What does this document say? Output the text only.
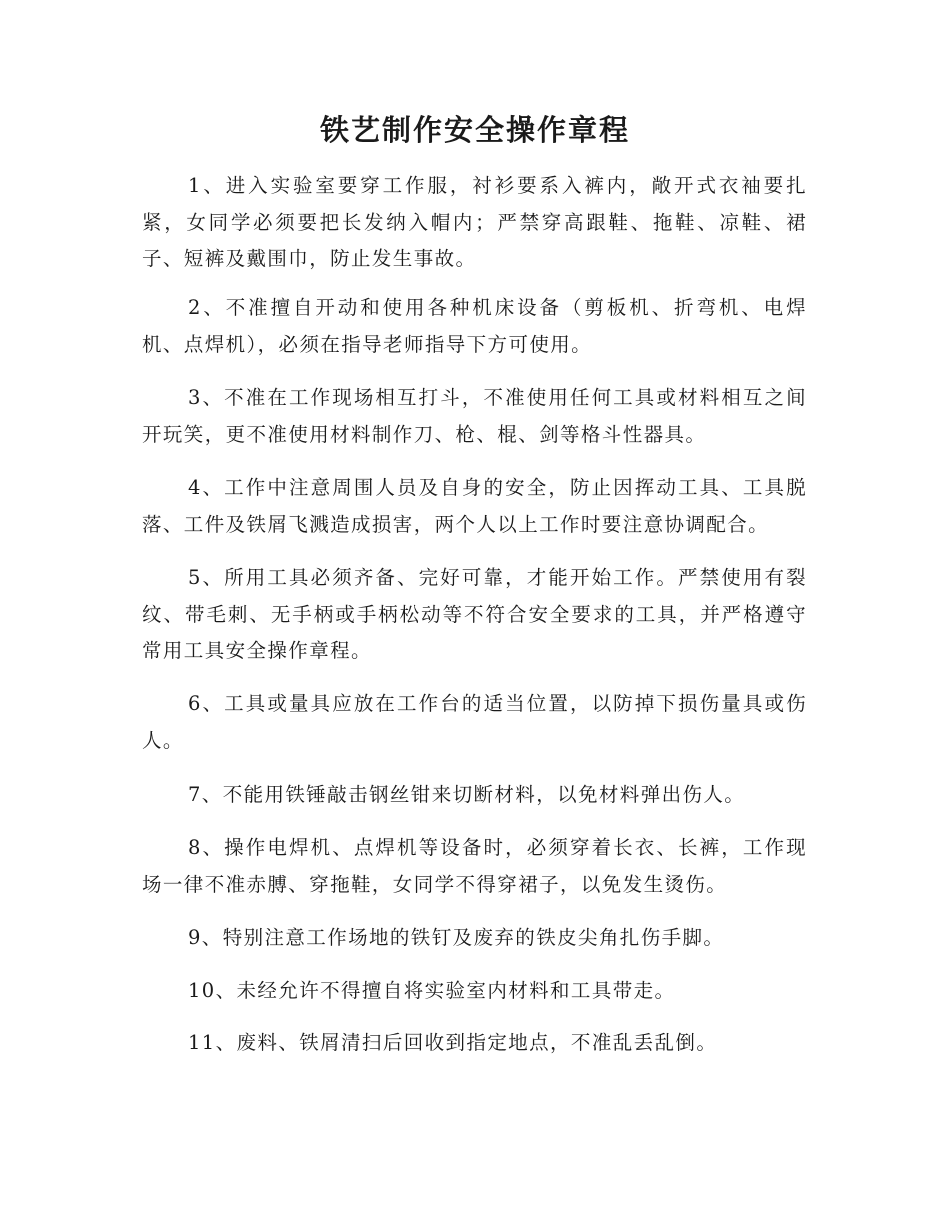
铁艺制作安全操作章程

1、进入实验室要穿工作服，衬衫要系入裤内，敞开式衣袖要扎紧，女同学必须要把长发纳入帽内；严禁穿高跟鞋、拖鞋、凉鞋、裙子、短裤及戴围巾，防止发生事故。

2、不准擅自开动和使用各种机床设备（剪板机、折弯机、电焊机、点焊机），必须在指导老师指导下方可使用。

3、不准在工作现场相互打斗，不准使用任何工具或材料相互之间开玩笑，更不准使用材料制作刀、枪、棍、剑等格斗性器具。

4、工作中注意周围人员及自身的安全，防止因挥动工具、工具脱落、工件及铁屑飞溅造成损害，两个人以上工作时要注意协调配合。

5、所用工具必须齐备、完好可靠，才能开始工作。严禁使用有裂纹、带毛刺、无手柄或手柄松动等不符合安全要求的工具，并严格遵守常用工具安全操作章程。

6、工具或量具应放在工作台的适当位置，以防掉下损伤量具或伤人。

7、不能用铁锤敲击钢丝钳来切断材料，以免材料弹出伤人。

8、操作电焊机、点焊机等设备时，必须穿着长衣、长裤，工作现场一律不准赤膊、穿拖鞋，女同学不得穿裙子，以免发生烫伤。

9、特别注意工作场地的铁钉及废弃的铁皮尖角扎伤手脚。

10、未经允许不得擅自将实验室内材料和工具带走。

11、废料、铁屑清扫后回收到指定地点，不准乱丢乱倒。
